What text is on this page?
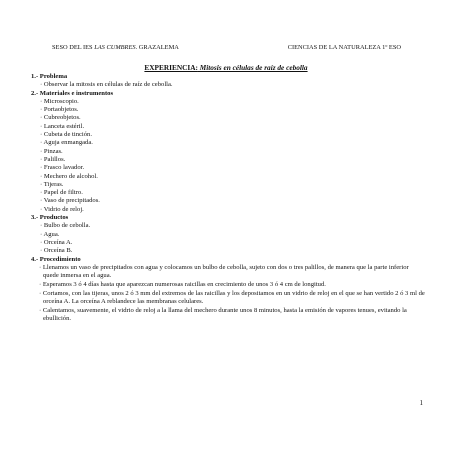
SESO DEL IES LAS CUMBRES. GRAZALEMA	CIENCIAS DE LA NATURALEZA 1º ESO
EXPERIENCIA: Mitosis en células de raíz de cebolla
1.- Problema
· Observar la mitosis en células de raíz de cebolla.
2.- Materiales e instrumentos
· Microscopio.
· Portaobjetos.
· Cubreobjetos.
· Lanceta estéril.
· Cubeta de tinción.
· Aguja enmangada.
· Pinzas.
· Palillos.
· Frasco lavador.
· Mechero de alcohol.
· Tijeras.
· Papel de filtro.
· Vaso de precipitados.
· Vidrio de reloj.
3.- Productos
· Bulbo de cebolla.
· Agua.
· Orceína A.
· Orceína B.
4.- Procedimiento
· Llenamos un vaso de precipitados con agua y colocamos un bulbo de cebolla, sujeto con dos o tres palillos, de manera que la parte inferior quede inmersa en el agua.
· Esperamos 3 ó 4 días hasta que aparezcan numerosas raicillas en crecimiento de unos 3 ó 4 cm de longitud.
· Cortamos, con las tijeras, unos 2 ó 3 mm del extremos de las raicillas y los depositamos en un vidrio de reloj en el que se han vertido 2 ó 3 ml de orceína A. La orceína A reblandece las membranas celulares.
· Calentamos, suavemente, el vidrio de reloj a la llama del mechero durante unos 8 minutos, hasta la emisión de vapores tenues, evitando la ebullición.
1
